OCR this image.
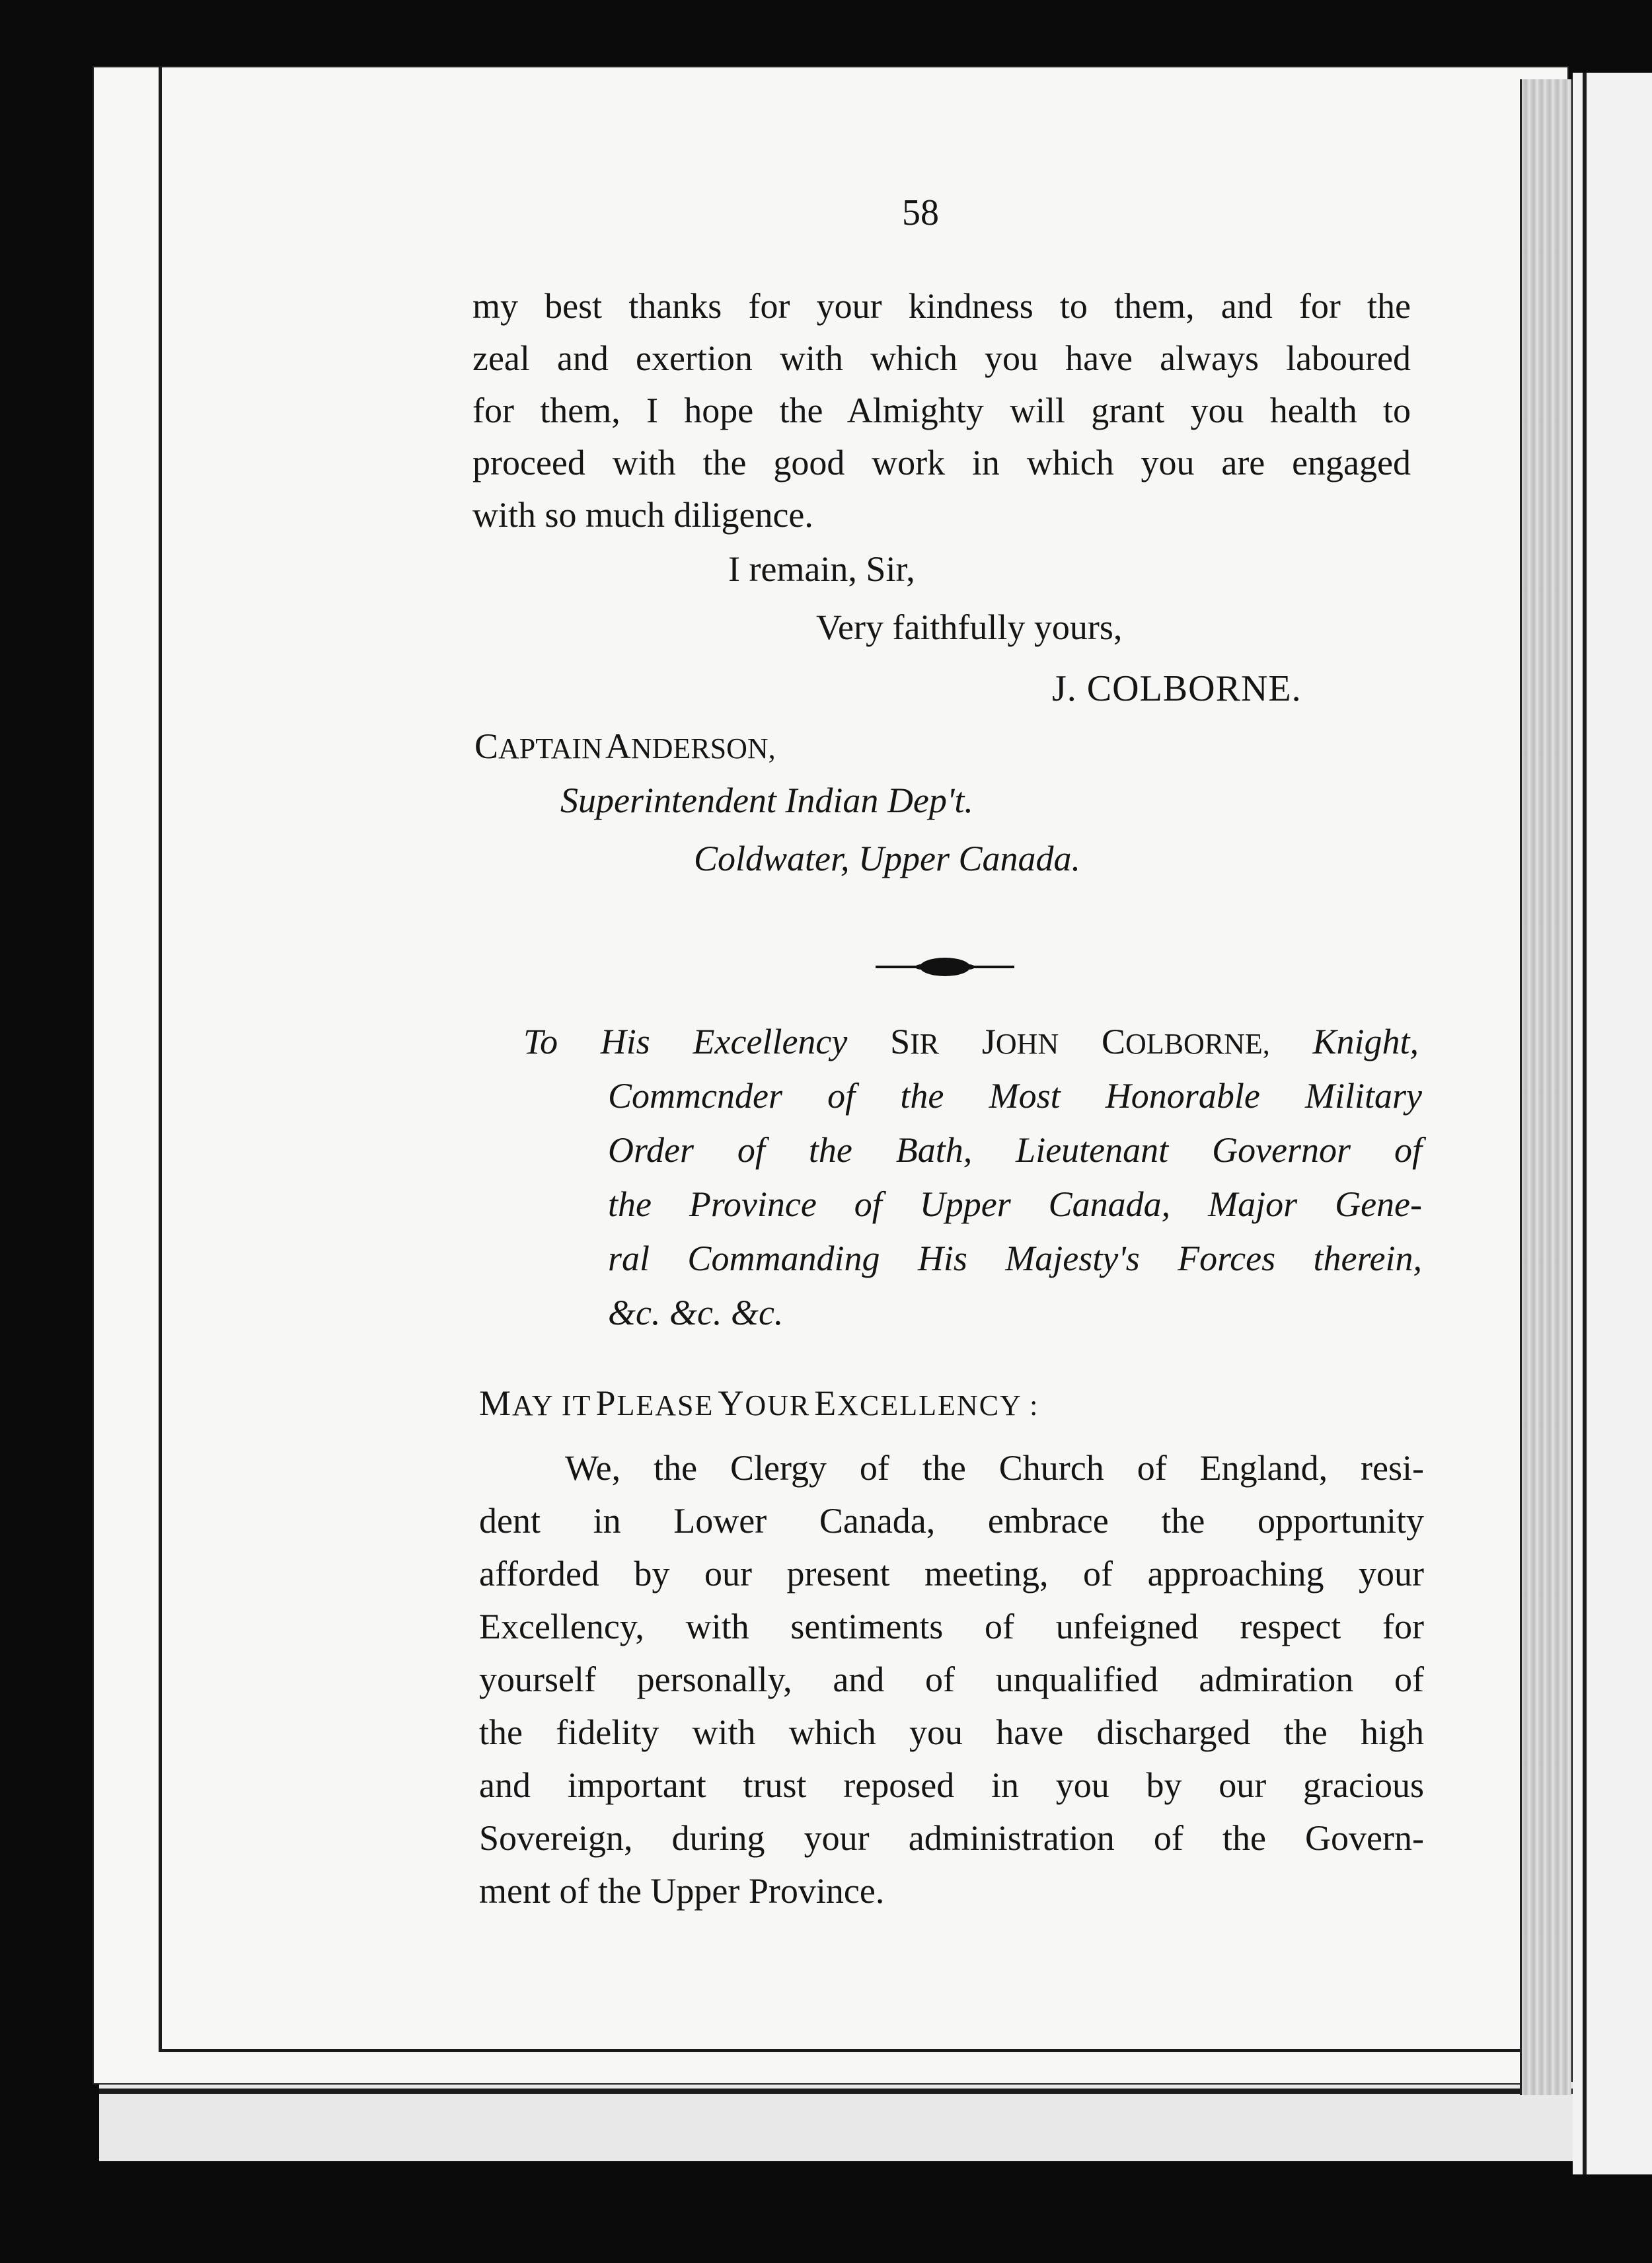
58
my best thanks for your kindness to them, and for the
zeal and exertion with which you have always laboured
for them, I hope the Almighty will grant you health to
proceed with the good work in which you are engaged
with so much diligence.
I remain, Sir,
Very faithfully yours,
J. COLBORNE.
CAPTAIN ANDERSON,
Superintendent Indian Dep't.
Coldwater, Upper Canada.
To His Excellency SIR JOHN COLBORNE, Knight,
Commcnder of the Most Honorable Military
Order of the Bath, Lieutenant Governor of
the Province of Upper Canada, Major Gene-
ral Commanding His Majesty's Forces therein,
&c. &c. &c.
MAY IT PLEASE YOUR EXCELLENCY :
We, the Clergy of the Church of England, resi-
dent in Lower Canada, embrace the opportunity
afforded by our present meeting, of approaching your
Excellency, with sentiments of unfeigned respect for
yourself personally, and of unqualified admiration of
the fidelity with which you have discharged the high
and important trust reposed in you by our gracious
Sovereign, during your administration of the Govern-
ment of the Upper Province.
